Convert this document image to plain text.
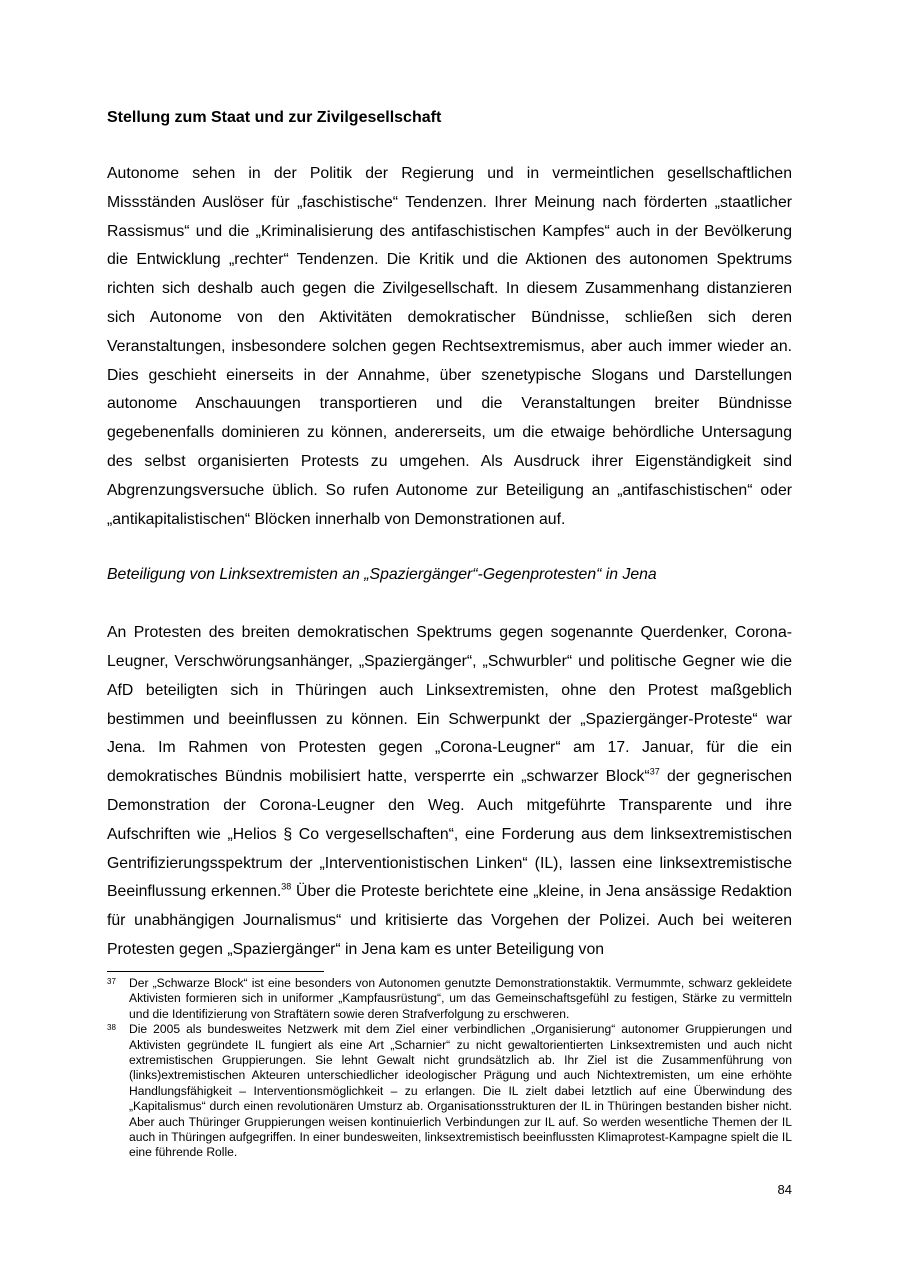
Stellung zum Staat und zur Zivilgesellschaft

Autonome sehen in der Politik der Regierung und in vermeintlichen gesellschaftlichen Missständen Auslöser für „faschistische“ Tendenzen. Ihrer Meinung nach förderten „staatlicher Rassismus“ und die „Kriminalisierung des antifaschistischen Kampfes“ auch in der Bevölkerung die Entwicklung „rechter“ Tendenzen. Die Kritik und die Aktionen des autonomen Spektrums richten sich deshalb auch gegen die Zivilgesellschaft. In diesem Zusammenhang distanzieren sich Autonome von den Aktivitäten demokratischer Bündnisse, schließen sich deren Veranstaltungen, insbesondere solchen gegen Rechtsextremismus, aber auch immer wieder an. Dies geschieht einerseits in der Annahme, über szenetypische Slogans und Darstellungen autonome Anschauungen transportieren und die Veranstaltungen breiter Bündnisse gegebenenfalls dominieren zu können, andererseits, um die etwaige behördliche Untersagung des selbst organisierten Protests zu umgehen. Als Ausdruck ihrer Eigenständigkeit sind Abgrenzungsversuche üblich. So rufen Autonome zur Beteiligung an „antifaschistischen“ oder „antikapitalistischen“ Blöcken innerhalb von Demonstrationen auf.

Beteiligung von Linksextremisten an „Spaziergänger“-Gegenprotesten“ in Jena

An Protesten des breiten demokratischen Spektrums gegen sogenannte Querdenker, Corona-Leugner, Verschwörungsanhänger, „Spaziergänger“, „Schwurbler“ und politische Gegner wie die AfD beteiligten sich in Thüringen auch Linksextremisten, ohne den Protest maßgeblich bestimmen und beeinflussen zu können. Ein Schwerpunkt der „Spaziergänger-Proteste“ war Jena. Im Rahmen von Protesten gegen „Corona-Leugner“ am 17. Januar, für die ein demokratisches Bündnis mobilisiert hatte, versperrte ein „schwarzer Block“$^{37}$ der gegnerischen Demonstration der Corona-Leugner den Weg. Auch mitgeführte Transparente und ihre Aufschriften wie „Helios § Co vergesellschaften“, eine Forderung aus dem linksextremistischen Gentrifizierungsspektrum der „Interventionistischen Linken“ (IL), lassen eine linksextremistische Beeinflussung erkennen.$^{38}$ Über die Proteste berichtete eine „kleine, in Jena ansässige Redaktion für unabhängigen Journalismus“ und kritisierte das Vorgehen der Polizei. Auch bei weiteren Protesten gegen „Spaziergänger“ in Jena kam es unter Beteiligung von

37 Der „Schwarze Block“ ist eine besonders von Autonomen genutzte Demonstrationstaktik. Vermummte, schwarz gekleidete Aktivisten formieren sich in uniformer „Kampfausrüstung“, um das Gemeinschaftsgefühl zu festigen, Stärke zu vermitteln und die Identifizierung von Straftätern sowie deren Strafverfolgung zu erschweren.

38 Die 2005 als bundesweites Netzwerk mit dem Ziel einer verbindlichen „Organisierung“ autonomer Gruppierungen und Aktivisten gegründete IL fungiert als eine Art „Scharnier“ zu nicht gewaltorientierten Linksextremisten und auch nicht extremistischen Gruppierungen. Sie lehnt Gewalt nicht grundsätzlich ab. Ihr Ziel ist die Zusammenführung von (links)extremistischen Akteuren unterschiedlicher ideologischer Prägung und auch Nichtextremisten, um eine erhöhte Handlungsfähigkeit – Interventionsmöglichkeit – zu erlangen. Die IL zielt dabei letztlich auf eine Überwindung des „Kapitalismus“ durch einen revolutionären Umsturz ab. Organisationsstrukturen der IL in Thüringen bestanden bisher nicht. Aber auch Thüringer Gruppierungen weisen kontinuierlich Verbindungen zur IL auf. So werden wesentliche Themen der IL auch in Thüringen aufgegriffen. In einer bundesweiten, linksextremistisch beeinflussten Klimaprotest-Kampagne spielt die IL eine führende Rolle.

84
